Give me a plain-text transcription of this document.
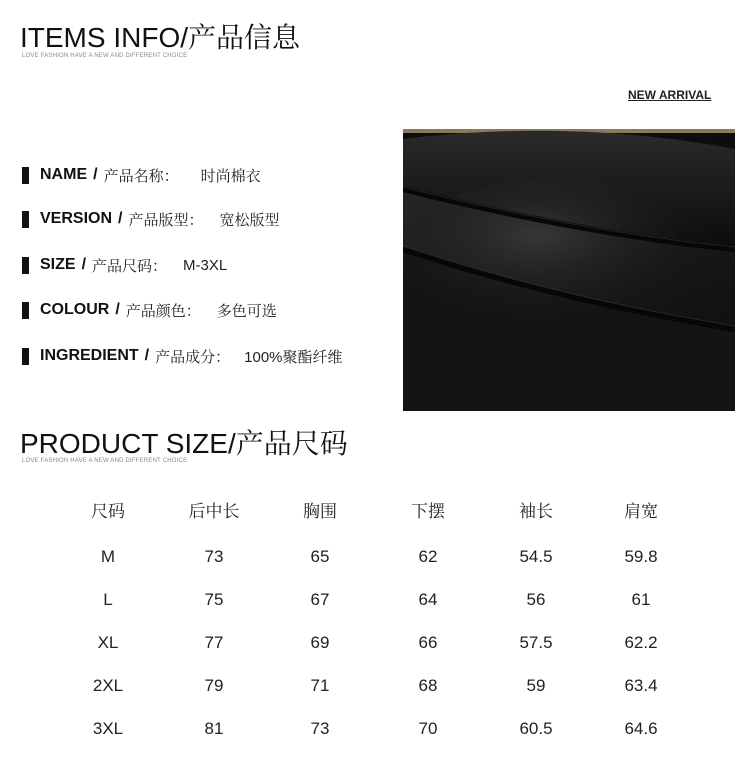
ITEMS INFO/产品信息
LOVE FASHION HAVE A NEW AND DIFFERENT CHOICE
NEW ARRIVAL
NAME / 产品名称： 时尚棉衣
VERSION / 产品版型： 宽松版型
SIZE / 产品尺码： M-3XL
COLOUR / 产品颜色： 多色可选
INGREDIENT / 产品成分： 100%聚酯纤维
PRODUCT SIZE/产品尺码
LOVE FASHION HAVE A NEW AND DIFFERENT CHOICE
尺码	后中长	胸围	下摆	袖长	肩宽
M	73	65	62	54.5	59.8
L	75	67	64	56	61
XL	77	69	66	57.5	62.2
2XL	79	71	68	59	63.4
3XL	81	73	70	60.5	64.6
